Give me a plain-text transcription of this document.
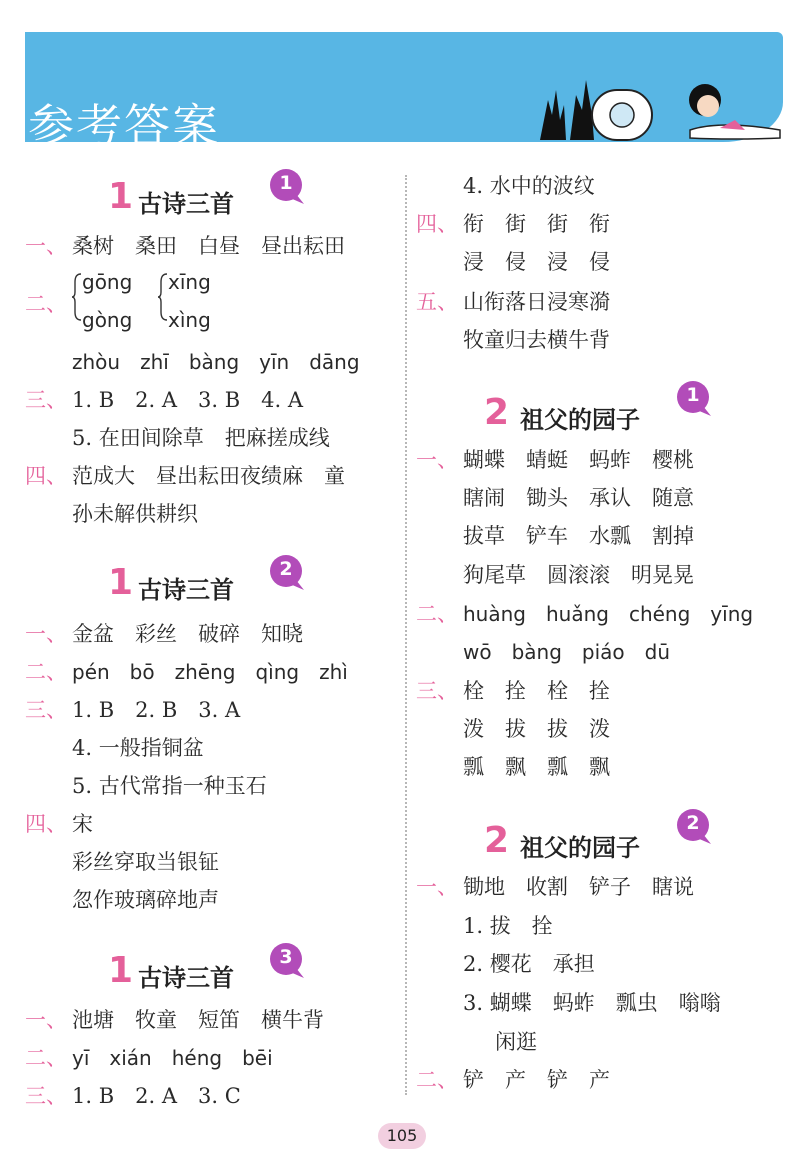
参考答案
1 古诗三首
1
一、 桑树　桑田　白昼　昼出耘田
二、
gōng
gòng
xīng
xìng
zhòu　zhī　bàng　yīn　dāng
三、 1. B　2. A　3. B　4. A
5. 在田间除草　把麻搓成线
四、 范成大　昼出耘田夜绩麻　童
孙未解供耕织
1 古诗三首
2
一、 金盆　彩丝　破碎　知晓
二、 pén　bō　zhēng　qìng　zhì
三、 1. B　2. B　3. A
4. 一般指铜盆
5. 古代常指一种玉石
四、 宋
彩丝穿取当银钲
忽作玻璃碎地声
1 古诗三首
3
一、 池塘　牧童　短笛　横牛背
二、 yī　xián　héng　bēi
三、 1. B　2. A　3. C
4. 水中的波纹
四、 衔　街　街　衔
浸　侵　浸　侵
五、 山衔落日浸寒漪
牧童归去横牛背
2 祖父的园子
1
一、 蝴蝶　蜻蜓　蚂蚱　樱桃
瞎闹　锄头　承认　随意
拔草　铲车　水瓢　割掉
狗尾草　圆滚滚　明晃晃
二、 huàng　huǎng　chéng　yīng
wō　bàng　piáo　dū
三、 栓　拴　栓　拴
泼　拔　拔　泼
瓢　飘　瓢　飘
2 祖父的园子
2
一、 锄地　收割　铲子　瞎说
1. 拔　拴
2. 樱花　承担
3. 蝴蝶　蚂蚱　瓢虫　嗡嗡
闲逛
二、 铲　产　铲　产
105
